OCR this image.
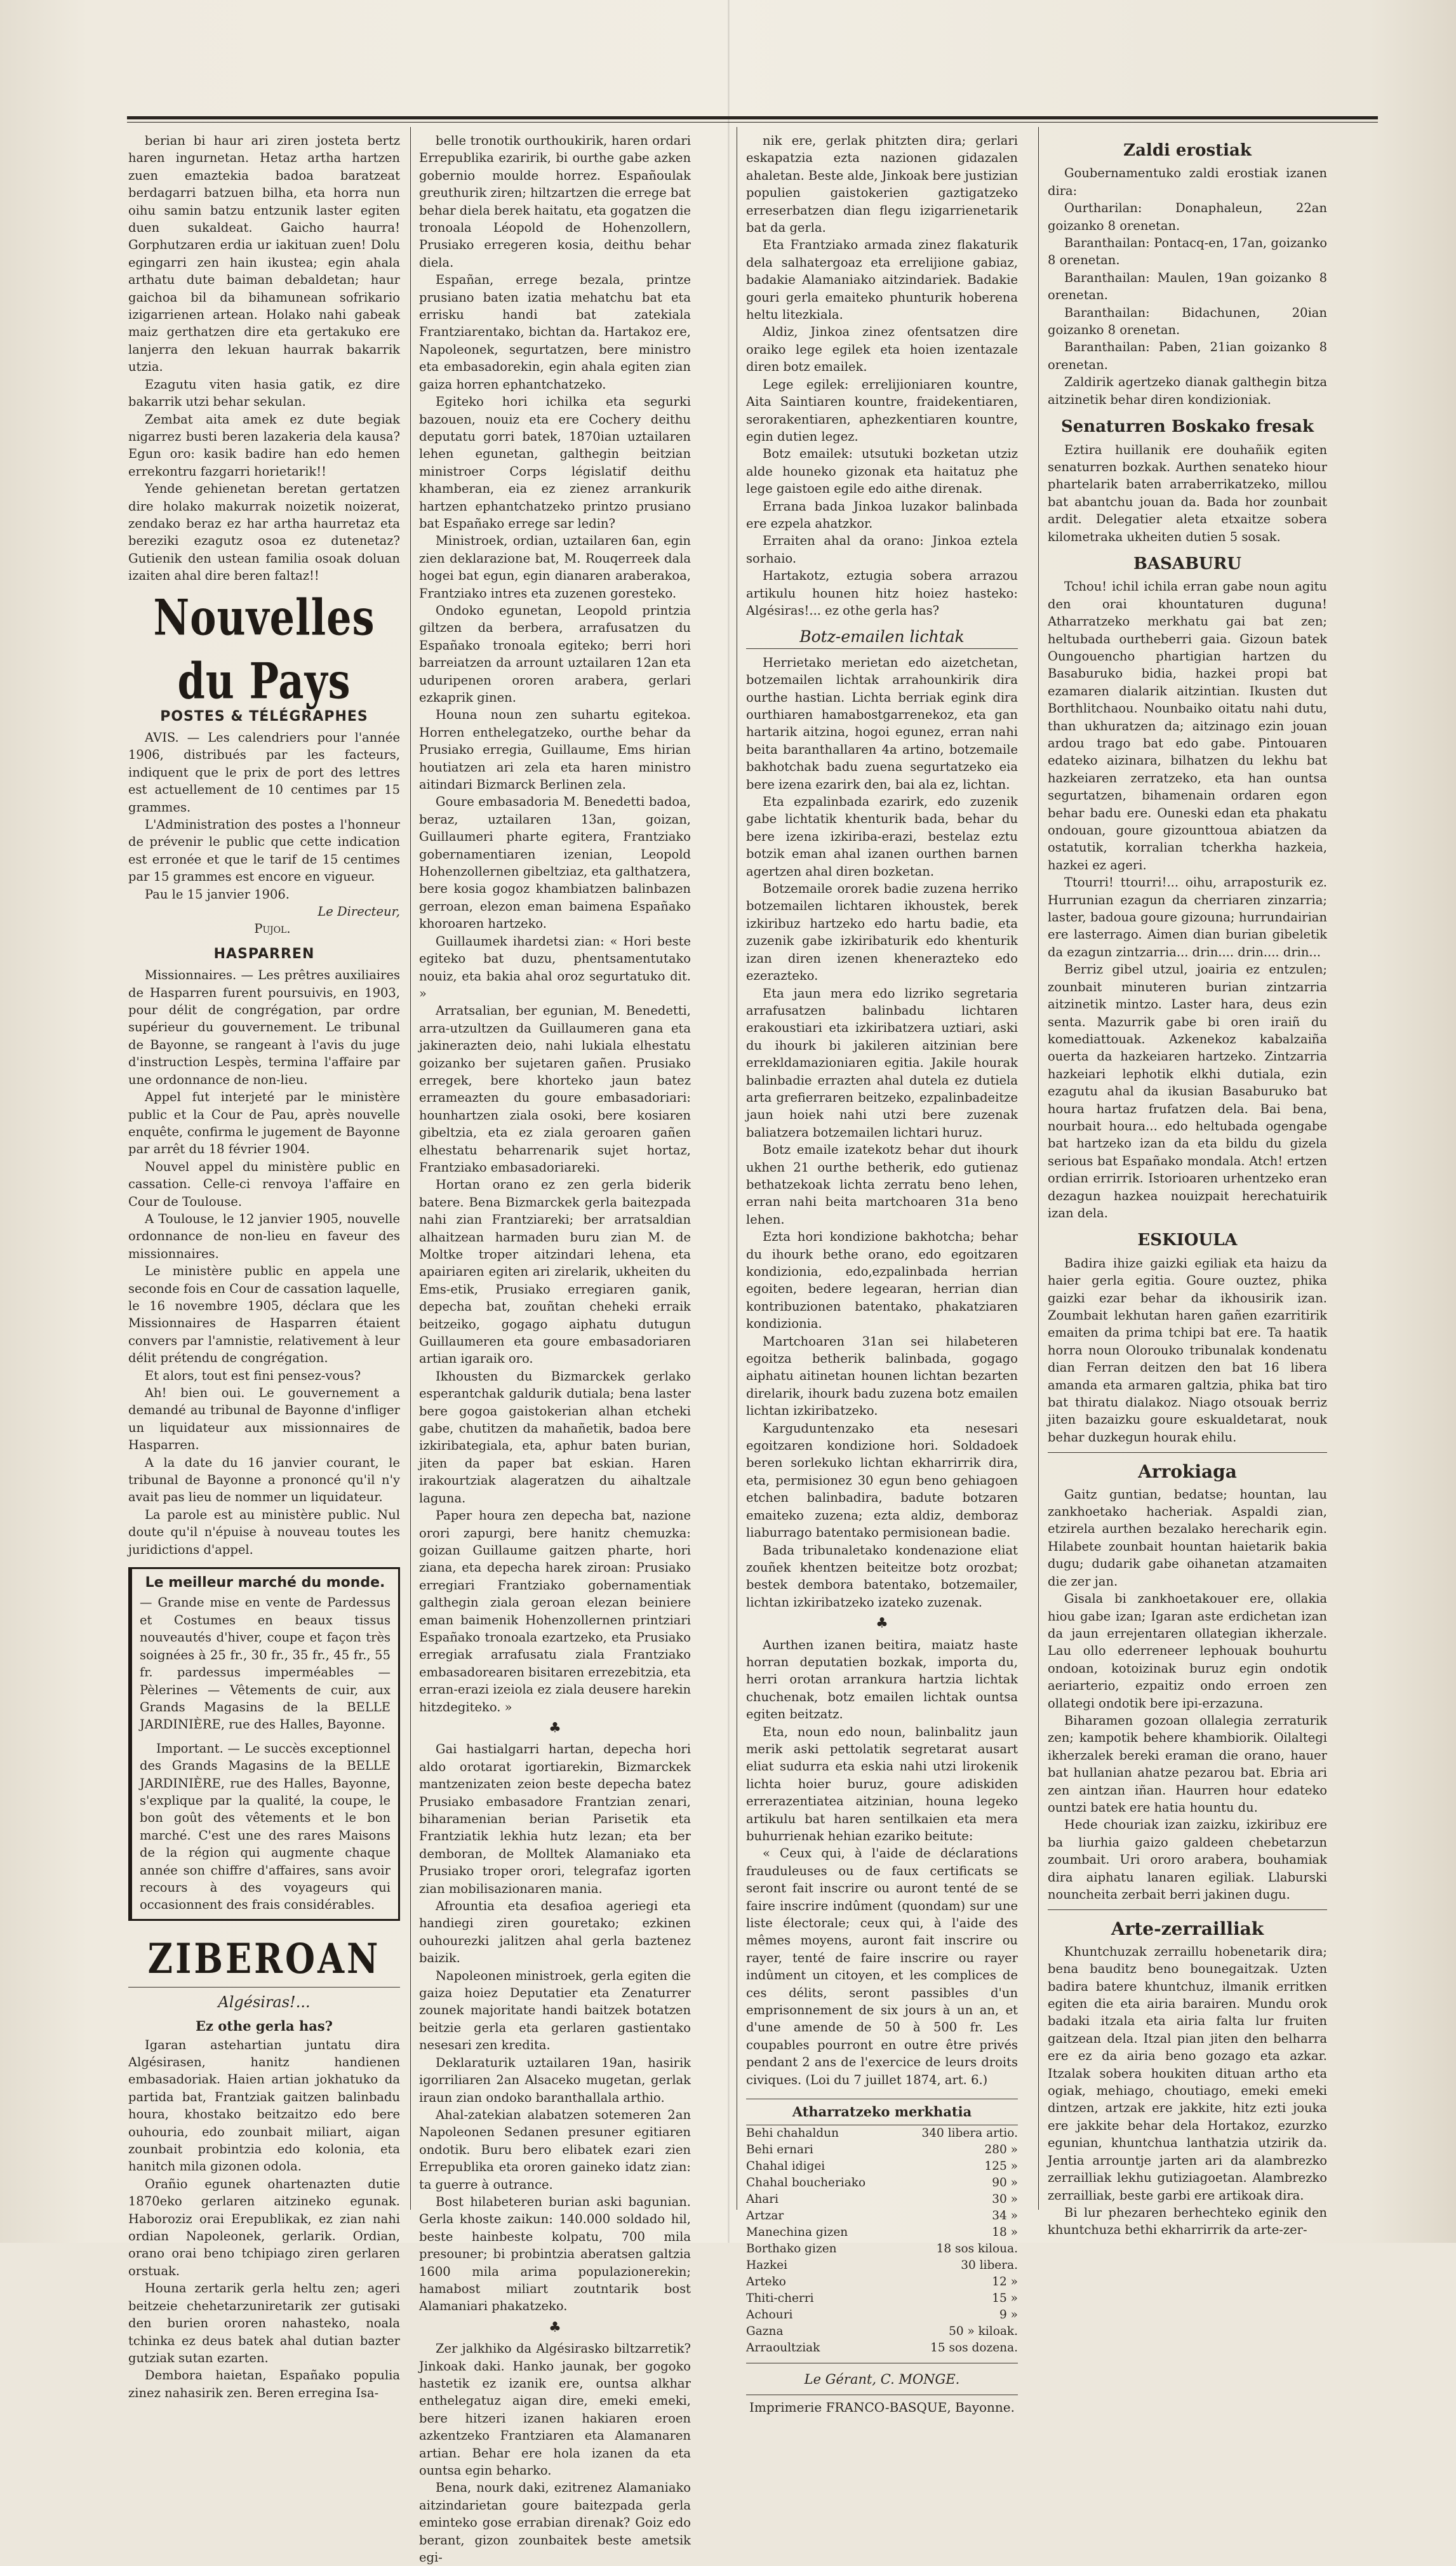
berian bi haur ari ziren josteta bertz haren ingurnetan. Hetaz artha hartzen zuen emaztekia badoa baratzeat berdagarri batzuen bilha, eta horra nun oihu samin batzu entzunik laster egiten duen sukaldeat. Gaicho haurra! Gorphutzaren erdia ur iakituan zuen! Dolu egingarri zen hain ikustea; egin ahala arthatu dute baiman debaldetan; haur gaichoa bil da bihamunean sofrikario izigarrienen artean. Holako nahi gabeak maiz gerthatzen dire eta gertakuko ere lanjerra den lekuan haurrak bakarrik utzia.

Ezagutu viten hasia gatik, ez dire bakarrik utzi behar sekulan.

Zembat aita amek ez dute begiak nigarrez busti beren lazakeria dela kausa? Egun oro: kasik badire han edo hemen errekontru fazgarri horietarik!!

Yende gehienetan beretan gertatzen dire holako makurrak noizetik noizerat, zendako beraz ez har artha haurretaz eta bereziki ezagutz osoa ez dutenetaz? Gutienik den ustean familia osoak doluan izaiten ahal dire beren faltaz!!

Nouvelles du Pays
POSTES & TÉLÉGRAPHES

AVIS. — Les calendriers pour l'année 1906, distribués par les facteurs, indiquent que le prix de port des lettres est actuellement de 10 centimes par 15 grammes.

L'Administration des postes a l'honneur de prévenir le public que cette indication est erronée et que le tarif de 15 centimes par 15 grammes est encore en vigueur.

Pau le 15 janvier 1906.

Le Directeur,

Pujol.

HASPARREN

Missionnaires. — Les prêtres auxiliaires de Hasparren furent poursuivis, en 1903, pour délit de congrégation, par ordre supérieur du gouvernement. Le tribunal de Bayonne, se rangeant à l'avis du juge d'instruction Lespès, termina l'affaire par une ordonnance de non-lieu.

Appel fut interjeté par le ministère public et la Cour de Pau, après nouvelle enquête, confirma le jugement de Bayonne par arrêt du 18 février 1904.

Nouvel appel du ministère public en cassation. Celle-ci renvoya l'affaire en Cour de Toulouse.

A Toulouse, le 12 janvier 1905, nouvelle ordonnance de non-lieu en faveur des missionnaires.

Le ministère public en appela une seconde fois en Cour de cassation laquelle, le 16 novembre 1905, déclara que les Missionnaires de Hasparren étaient convers par l'amnistie, relativement à leur délit prétendu de congrégation.

Et alors, tout est fini pensez-vous?

Ah! bien oui. Le gouvernement a demandé au tribunal de Bayonne d'infliger un liquidateur aux missionnaires de Hasparren.

A la date du 16 janvier courant, le tribunal de Bayonne a prononcé qu'il n'y avait pas lieu de nommer un liquidateur.

La parole est au ministère public. Nul doute qu'il n'épuise à nouveau toutes les juridictions d'appel.

Le meilleur marché du monde.

— Grande mise en vente de Pardessus et Costumes en beaux tissus nouveautés d'hiver, coupe et façon très soignées à 25 fr., 30 fr., 35 fr., 45 fr., 55 fr. pardessus imperméables — Pèlerines — Vêtements de cuir, aux Grands Magasins de la BELLE JARDINIÈRE, rue des Halles, Bayonne.

Important. — Le succès exceptionnel des Grands Magasins de la BELLE JARDINIÈRE, rue des Halles, Bayonne, s'explique par la qualité, la coupe, le bon goût des vêtements et le bon marché. C'est une des rares Maisons de la région qui augmente chaque année son chiffre d'affaires, sans avoir recours à des voyageurs qui occasionnent des frais considérables.

ZIBEROAN
Algésiras!...
Ez othe gerla has?

Igaran astehartian juntatu dira Algésirasen, hanitz handienen embasadoriak. Haien artian jokhatuko da partida bat, Frantziak gaitzen balinbadu houra, khostako beitzaitzo edo bere ouhouria, edo zounbait miliart, aigan zounbait probintzia edo kolonia, eta hanitch mila gizonen odola.

Orañio egunek ohartenazten dutie 1870eko gerlaren aitzineko egunak. Haboroziz orai Erepublikak, ez zian nahi ordian Napoleonek, gerlarik. Ordian, orano orai beno tchipiago ziren gerlaren orstuak.

Houna zertarik gerla heltu zen; ageri beitzeie chehetarzuniretarik zer gutisaki den burien ororen nahasteko, noala tchinka ez deus batek ahal dutian bazter gutziak sutan ezarten.

Dembora haietan, Españako populia zinez nahasirik zen. Beren erregina Isa-

belle tronotik ourthoukirik, haren ordari Errepublika ezaririk, bi ourthe gabe azken gobernio moulde horrez. Españoulak greuthurik ziren; hiltzartzen die errege bat behar diela berek haitatu, eta gogatzen die tronoala Léopold de Hohenzollern, Prusiako erregeren kosia, deithu behar diela.

Españan, errege bezala, printze prusiano baten izatia mehatchu bat eta errisku handi bat zatekiala Frantziarentako, bichtan da. Hartakoz ere, Napoleonek, segurtatzen, bere ministro eta embasadorekin, egin ahala egiten zian gaiza horren ephantchatzeko.

Egiteko hori ichilka eta segurki bazouen, nouiz eta ere Cochery deithu deputatu gorri batek, 1870ian uztailaren lehen egunetan, galthegin beitzian ministroer Corps législatif deithu khamberan, eia ez zienez arrankurik hartzen ephantchatzeko printzo prusiano bat Españako errege sar ledin?

Ministroek, ordian, uztailaren 6an, egin zien deklarazione bat, M. Rouqerreek dala hogei bat egun, egin dianaren araberakoa, Frantziako intres eta zuzenen goresteko.

Ondoko egunetan, Leopold printzia giltzen da berbera, arrafusatzen du Españako tronoala egiteko; berri hori barreiatzen da arrount uztailaren 12an eta uduripenen ororen arabera, gerlari ezkaprik ginen.

Houna noun zen suhartu egitekoa. Horren enthelegatzeko, ourthe behar da Prusiako erregia, Guillaume, Ems hirian houtiatzen ari zela eta haren ministro aitindari Bizmarck Berlinen zela.

Goure embasadoria M. Benedetti badoa, beraz, uztailaren 13an, goizan, Guillaumeri pharte egitera, Frantziako gobernamentiaren izenian, Leopold Hohenzollernen gibeltziaz, eta galthatzera, bere kosia gogoz khambiatzen balinbazen gerroan, elezon eman baimena Españako khoroaren hartzeko.

Guillaumek ihardetsi zian: « Hori beste egiteko bat duzu, phentsamentutako nouiz, eta bakia ahal oroz segurtatuko dit. »

Arratsalian, ber egunian, M. Benedetti, arra-utzultzen da Guillaumeren gana eta jakinerazten deio, nahi lukiala elhestatu goizanko ber sujetaren gañen. Prusiako erregek, bere khorteko jaun batez errameazten du goure embasadoriari: hounhartzen ziala osoki, bere kosiaren gibeltzia, eta ez ziala geroaren gañen elhestatu beharrenarik sujet hortaz, Frantziako embasadoriareki.

Hortan orano ez zen gerla biderik batere. Bena Bizmarckek gerla baitezpada nahi zian Frantziareki; ber arratsaldian alhaitzean harmaden buru zian M. de Moltke troper aitzindari lehena, eta apairiaren egiten ari zirelarik, ukheiten du Ems-etik, Prusiako erregiaren ganik, depecha bat, zouñtan cheheki erraik beitzeiko, gogago aiphatu dutugun Guillaumeren eta goure embasadoriaren artian igaraik oro.

Ikhousten du Bizmarckek gerlako esperantchak galdurik dutiala; bena laster bere gogoa gaistokerian alhan etcheki gabe, chutitzen da mahañetik, badoa bere izkiribategiala, eta, aphur baten burian, jiten da paper bat eskian. Haren irakourtziak alageratzen du aihaltzale laguna.

Paper houra zen depecha bat, nazione orori zapurgi, bere hanitz chemuzka: goizan Guillaume gaitzen pharte, hori ziana, eta depecha harek ziroan: Prusiako erregiari Frantziako gobernamentiak galthegin ziala geroan elezan beiniere eman baimenik Hohenzollernen printziari Españako tronoala ezartzeko, eta Prusiako erregiak arrafusatu ziala Frantziako embasadorearen bisitaren errezebitzia, eta erran-erazi izeiola ez ziala deusere harekin hitzdegiteko. »

♣

Gai hastialgarri hartan, depecha hori aldo orotarat igortiarekin, Bizmarckek mantzenizaten zeion beste depecha batez Prusiako embasadore Frantzian zenari, biharamenian berian Parisetik eta Frantziatik lekhia hutz lezan; eta ber demboran, de Molltek Alamaniako eta Prusiako troper orori, telegrafaz igorten zian mobilisazionaren mania.

Afrountia eta desafioa ageriegi eta handiegi ziren gouretako; ezkinen ouhourezki jalitzen ahal gerla baztenez baizik.

Napoleonen ministroek, gerla egiten die gaiza hoiez Deputatier eta Zenaturrer zounek majoritate handi baitzek botatzen beitzie gerla eta gerlaren gastientako nesesari zen kredita.

Deklaraturik uztailaren 19an, hasirik igorriliaren 2an Alsaceko mugetan, gerlak iraun zian ondoko baranthallala arthio.

Ahal-zatekian alabatzen sotemeren 2an Napoleonen Sedanen presuner egitiaren ondotik. Buru bero elibatek ezari zien Errepublika eta ororen gaineko idatz zian: ta guerre à outrance.

Bost hilabeteren burian aski bagunian. Gerla khoste zaikun: 140.000 soldado hil, beste hainbeste kolpatu, 700 mila presouner; bi probintzia aberatsen galtzia 1600 mila arima populazionerekin; hamabost miliart zoutntarik bost Alamaniari phakatzeko.

♣

Zer jalkhiko da Algésirasko biltzarretik? Jinkoak daki. Hanko jaunak, ber gogoko hastetik ez izanik ere, ountsa alkhar enthelegatuz aigan dire, emeki emeki, bere hitzeri izanen hakiaren eroen azkentzeko Frantziaren eta Alamanaren artian. Behar ere hola izanen da eta ountsa egin beharko.

Bena, nourk daki, ezitrenez Alamaniako aitzindarietan goure baitezpada gerla eminteko gose errabian direnak? Goiz edo berant, gizon zounbaitek beste ametsik egi-

nik ere, gerlak phitzten dira; gerlari eskapatzia ezta nazionen gidazalen ahaletan. Beste alde, Jinkoak bere justizian populien gaistokerien gaztigatzeko erreserbatzen dian flegu izigarrienetarik bat da gerla.

Eta Frantziako armada zinez flakaturik dela salhatergoaz eta errelijione gabiaz, badakie Alamaniako aitzindariek. Badakie gouri gerla emaiteko phunturik hoberena heltu litezkiala.

Aldiz, Jinkoa zinez ofentsatzen dire oraiko lege egilek eta hoien izentazale diren botz emailek.

Lege egilek: errelijioniaren kountre, Aita Saintiaren kountre, fraidekentiaren, serorakentiaren, aphezkentiaren kountre, egin dutien legez.

Botz emailek: utsutuki bozketan utziz alde houneko gizonak eta haitatuz phe lege gaistoen egile edo aithe direnak.

Errana bada Jinkoa luzakor balinbada ere ezpela ahatzkor.

Erraiten ahal da orano: Jinkoa eztela sorhaio.

Hartakotz, eztugia sobera arrazou artikulu hounen hitz hoiez hasteko: Algésiras!... ez othe gerla has?

Botz-emailen lichtak

Herrietako merietan edo aizetchetan, botzemailen lichtak arrahounkirik dira ourthe hastian. Lichta berriak egink dira ourthiaren hamabostgarrenekoz, eta gan hartarik aitzina, hogoi egunez, erran nahi beita baranthallaren 4a artino, botzemaile bakhotchak badu zuena segurtatzeko eia bere izena ezarirk den, bai ala ez, lichtan.

Eta ezpalinbada ezarirk, edo zuzenik gabe lichtatik khenturik bada, behar du bere izena izkiriba-erazi, bestelaz eztu botzik eman ahal izanen ourthen barnen agertzen ahal diren bozketan.

Botzemaile ororek badie zuzena herriko botzemailen lichtaren ikhoustek, berek izkiribuz hartzeko edo hartu badie, eta zuzenik gabe izkiribaturik edo khenturik izan diren izenen khenerazteko edo ezerazteko.

Eta jaun mera edo lizriko segretaria arrafusatzen balinbadu lichtaren erakoustiari eta izkiribatzera uztiari, aski du ihourk bi jakileren aitzinian bere errekldamazioniaren egitia. Jakile hourak balinbadie errazten ahal dutela ez dutiela arta grefierraren beitzeko, ezpalinbadeitze jaun hoiek nahi utzi bere zuzenak baliatzera botzemailen lichtari huruz.

Botz emaile izatekotz behar dut ihourk ukhen 21 ourthe betherik, edo gutienaz bethatzekoak lichta zerratu beno lehen, erran nahi beita martchoaren 31a beno lehen.

Ezta hori kondizione bakhotcha; behar du ihourk bethe orano, edo egoitzaren kondizionia, edo,ezpalinbada herrian egoiten, bedere legearan, herrian dian kontribuzionen batentako, phakatziaren kondizionia.

Martchoaren 31an sei hilabeteren egoitza betherik balinbada, gogago aiphatu aitinetan hounen lichtan bezarten direlarik, ihourk badu zuzena botz emailen lichtan izkiribatzeko.

Karguduntenzako eta nesesari egoitzaren kondizione hori. Soldadoek beren sorlekuko lichtan ekharrirrik dira, eta, permisionez 30 egun beno gehiagoen etchen balinbadira, badute botzaren emaiteko zuzena; ezta aldiz, demboraz liaburrago batentako permisionean badie.

Bada tribunaletako kondenazione eliat zouñek khentzen beiteitze botz orozbat; bestek dembora batentako, botzemailer, lichtan izkiribatzeko izateko zuzenak.

♣

Aurthen izanen beitira, maiatz haste horran deputatien bozkak, importa du, herri orotan arrankura hartzia lichtak chuchenak, botz emailen lichtak ountsa egiten beitzatz.

Eta, noun edo noun, balinbalitz jaun merik aski pettolatik segretarat ausart eliat sudurra eta eskia nahi utzi lirokenik lichta hoier buruz, goure adiskiden errerazentiatea aitzinian, houna legeko artikulu bat haren sentilkaien eta mera buhurrienak hehian ezariko beitute:

« Ceux qui, à l'aide de déclarations frauduleuses ou de faux certificats se seront fait inscrire ou auront tenté de se faire inscrire indûment (quondam) sur une liste électorale; ceux qui, à l'aide des mêmes moyens, auront fait inscrire ou rayer, tenté de faire inscrire ou rayer indûment un citoyen, et les complices de ces délits, seront passibles d'un emprisonnement de six jours à un an, et d'une amende de 50 à 500 fr. Les coupables pourront en outre être privés pendant 2 ans de l'exercice de leurs droits civiques. (Loi du 7 juillet 1874, art. 6.)

Atharratzeko merkhatia
Behi chahaldun	340 libera artio.
Behi ernari	280 »
Chahal idigei	125 »
Chahal boucheriako	90 »
Ahari	30 »
Artzar	34 »
Manechina gizen	18 »
Borthako gizen	18 sos kiloua.
Hazkei	30 libera.
Arteko	12 »
Thiti-cherri	15 »
Achouri	9 »
Gazna	50 » kiloak.
Arraoultziak	15 sos dozena.
Le Gérant, C. MONGE.
Imprimerie FRANCO-BASQUE, Bayonne.
Zaldi erostiak

Goubernamentuko zaldi erostiak izanen dira:

Ourtharilan: Donaphaleun, 22an goizanko 8 orenetan.

Baranthailan: Pontacq-en, 17an, goizanko 8 orenetan.

Baranthailan: Maulen, 19an goizanko 8 orenetan.

Baranthailan: Bidachunen, 20ian goizanko 8 orenetan.

Baranthailan: Paben, 21ian goizanko 8 orenetan.

Zaldirik agertzeko dianak galthegin bitza aitzinetik behar diren kondizioniak.

Senaturren Boskako fresak

Eztira huillanik ere douhañik egiten senaturren bozkak. Aurthen senateko hiour phartelarik baten arraberrikatzeko, millou bat abantchu jouan da. Bada hor zounbait ardit. Delegatier aleta etxaitze sobera kilometraka ukheiten dutien 5 sosak.

BASABURU

Tchou! ichil ichila erran gabe noun agitu den orai khountaturen duguna! Atharratzeko merkhatu gai bat zen; heltubada ourtheberri gaia. Gizoun batek Oungouencho phartigian hartzen du Basaburuko bidia, hazkei propi bat ezamaren dialarik aitzintian. Ikusten dut Borthlitchaou. Nounbaiko oitatu nahi dutu, than ukhuratzen da; aitzinago ezin jouan ardou trago bat edo gabe. Pintouaren edateko aizinara, bilhatzen du lekhu bat hazkeiaren zerratzeko, eta han ountsa segurtatzen, bihamenain ordaren egon behar badu ere. Ouneski edan eta phakatu ondouan, goure gizounttoua abiatzen da ostatutik, korralian tcherkha hazkeia, hazkei ez ageri.

Ttourri! ttourri!... oihu, arraposturik ez. Hurrunian ezagun da cherriaren zinzarria; laster, badoua goure gizouna; hurrundairian ere lasterrago. Aimen dian burian gibeletik da ezagun zintzarria... drin.... drin.... drin...

Berriz gibel utzul, joairia ez entzulen; zounbait minuteren burian zintzarria aitzinetik mintzo. Laster hara, deus ezin senta. Mazurrik gabe bi oren iraiñ du komediattouak. Azkenekoz kabalzaiña ouerta da hazkeiaren hartzeko. Zintzarria hazkeiari lephotik elkhi dutiala, ezin ezagutu ahal da ikusian Basaburuko bat houra hartaz frufatzen dela. Bai bena, nourbait houra... edo heltubada ogengabe bat hartzeko izan da eta bildu du gizela serious bat Españako mondala. Atch! ertzen ordian errirrik. Istorioaren urhentzeko eran dezagun hazkea nouizpait herechatuirik izan dela.

ESKIOULA

Badira ihize gaizki egiliak eta haizu da haier gerla egitia. Goure ouztez, phika gaizki ezar behar da ikhousirik izan. Zoumbait lekhutan haren gañen ezarritirik emaiten da prima tchipi bat ere. Ta haatik horra noun Olorouko tribunalak kondenatu dian Ferran deitzen den bat 16 libera amanda eta armaren galtzia, phika bat tiro bat thiratu dialakoz. Niago otsouak berriz jiten bazaizku goure eskualdetarat, nouk behar duzkegun hourak ehilu.

Arrokiaga

Gaitz guntian, bedatse; hountan, lau zankhoetako hacheriak. Aspaldi zian, etzirela aurthen bezalako herecharik egin. Hilabete zounbait hountan haietarik bakia dugu; dudarik gabe oihanetan atzamaiten die zer jan.

Gisala bi zankhoetakouer ere, ollakia hiou gabe izan; Igaran aste erdichetan izan da jaun errejentaren ollategian ikherzale. Lau ollo ederreneer lephouak bouhurtu ondoan, kotoizinak buruz egin ondotik aeriarterio, ezpaitiz ondo erroen zen ollategi ondotik bere ipi-erzazuna.

Biharamen gozoan ollalegia zerraturik zen; kampotik behere khambiorik. Oilaltegi ikherzalek bereki eraman die orano, hauer bat hullanian ahatze pezarou bat. Ebria ari zen aintzan iñan. Haurren hour edateko ountzi batek ere hatia hountu du.

Hede chouriak izan zaizku, izkiribuz ere ba liurhia gaizo galdeen chebetarzun zoumbait. Uri ororo arabera, bouhamiak dira aiphatu lanaren egiliak. Llaburski nouncheita zerbait berri jakinen dugu.

Arte-zerrailliak

Khuntchuzak zerraillu hobenetarik dira; bena bauditz beno bounegaitzak. Uzten badira batere khuntchuz, ilmanik erritken egiten die eta airia barairen. Mundu orok badaki itzala eta airia falta lur fruiten gaitzean dela. Itzal pian jiten den belharra ere ez da airia beno gozago eta azkar. Itzalak sobera houkiten dituan artho eta ogiak, mehiago, choutiago, emeki emeki dintzen, artzak ere jakkite, hitz ezti jouka ere jakkite behar dela Hortakoz, ezurzko egunian, khuntchua lanthatzia utzirik da. Jentia arrountje jarten ari da alambrezko zerrailliak lekhu gutiziagoetan. Alambrezko zerrailliak, beste garbi ere artikoak dira.

Bi lur phezaren berhechteko eginik den khuntchuza bethi ekharrirrik da arte-zer-
